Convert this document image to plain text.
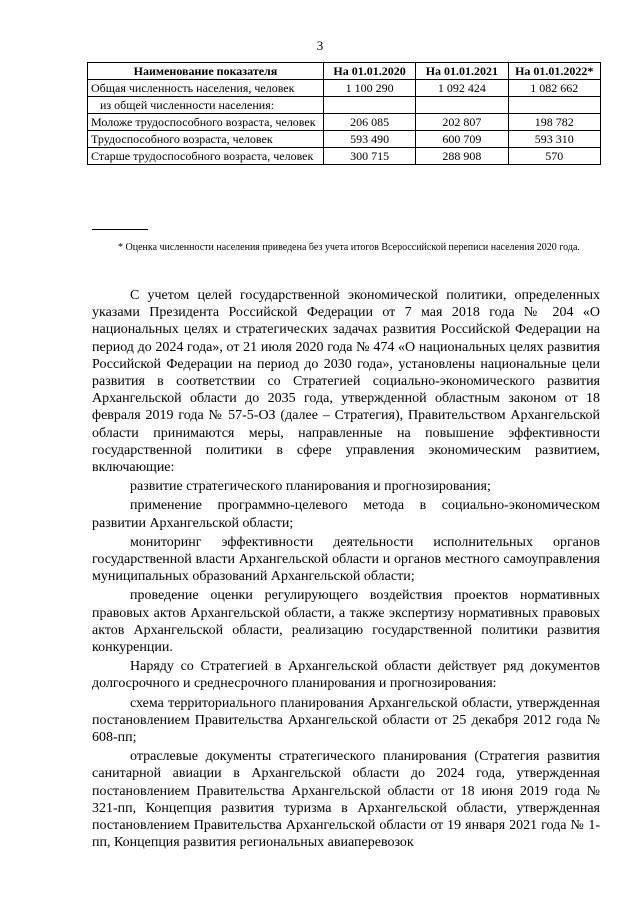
3
Наименование показателя	На 01.01.2020	На 01.01.2021	На 01.01.2022*
Общая численность населения, человек	1 100 290	1 092 424	1 082 662
из общей численности населения:			
Моложе трудоспособного возраста, человек	206 085	202 807	198 782
Трудоспособного возраста, человек	593 490	600 709	593 310
Старше трудоспособного возраста, человек	300 715	288 908	570
* Оценка численности населения приведена без учета итогов Всероссийской переписи населения 2020 года.

С учетом целей государственной экономической политики, определенных указами Президента Российской Федерации от 7 мая 2018 года № 204 «О национальных целях и стратегических задачах развития Российской Федерации на период до 2024 года», от 21 июля 2020 года № 474 «О национальных целях развития Российской Федерации на период до 2030 года», установлены национальные цели развития в соответствии со Стратегией социально-экономического развития Архангельской области до 2035 года, утвержденной областным законом от 18 февраля 2019 года № 57-5-ОЗ (далее – Стратегия), Правительством Архангельской области принимаются меры, направленные на повышение эффективности государственной политики в сфере управления экономическим развитием, включающие:

развитие стратегического планирования и прогнозирования;

применение программно-целевого метода в социально-экономическом развитии Архангельской области;

мониторинг эффективности деятельности исполнительных органов государственной власти Архангельской области и органов местного самоуправления муниципальных образований Архангельской области;

проведение оценки регулирующего воздействия проектов нормативных правовых актов Архангельской области, а также экспертизу нормативных правовых актов Архангельской области, реализацию государственной политики развития конкуренции.

Наряду со Стратегией в Архангельской области действует ряд документов долгосрочного и среднесрочного планирования и прогнозирования:

схема территориального планирования Архангельской области, утвержденная постановлением Правительства Архангельской области от 25 декабря 2012 года № 608-пп;

отраслевые документы стратегического планирования (Стратегия развития санитарной авиации в Архангельской области до 2024 года, утвержденная постановлением Правительства Архангельской области от 18 июня 2019 года № 321-пп, Концепция развития туризма в Архангельской области, утвержденная постановлением Правительства Архангельской области от 19 января 2021 года № 1-пп, Концепция развития региональных авиаперевозок
